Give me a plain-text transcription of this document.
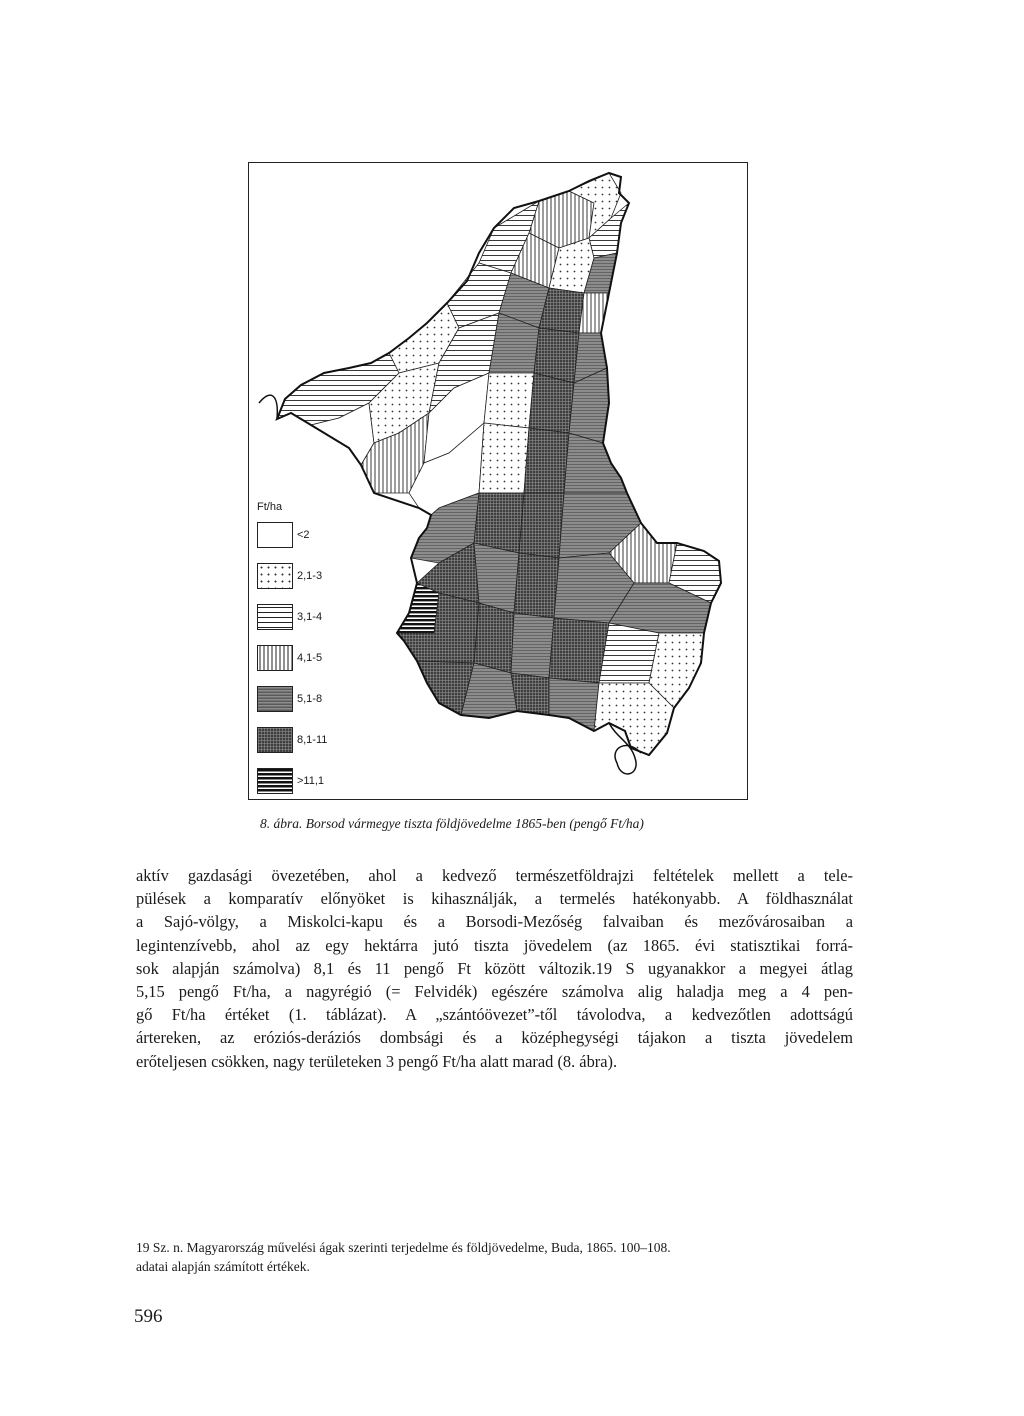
Ft/ha
<2
2,1-3
3,1-4
4,1-5
5,1-8
8,1-11
>11,1
8. ábra. Borsod vármegye tiszta földjövedelme 1865-ben (pengő Ft/ha)
aktív gazdasági övezetében, ahol a kedvező természetföldrajzi feltételek mellett a tele-
pülések a komparatív előnyöket is kihasználják, a termelés hatékonyabb. A földhasználat
a Sajó-völgy, a Miskolci-kapu és a Borsodi-Mezőség falvaiban és mezővárosaiban a
legintenzívebb, ahol az egy hektárra jutó tiszta jövedelem (az 1865. évi statisztikai forrá-
sok alapján számolva) 8,1 és 11 pengő Ft között változik.19 S ugyanakkor a megyei átlag
5,15 pengő Ft/ha, a nagyrégió (= Felvidék) egészére számolva alig haladja meg a 4 pen-
gő Ft/ha értéket (1. táblázat). A „szántóövezet”-től távolodva, a kedvezőtlen adottságú
ártereken, az eróziós-deráziós dombsági és a középhegységi tájakon a tiszta jövedelem
erőteljesen csökken, nagy területeken 3 pengő Ft/ha alatt marad (8. ábra).
19 Sz. n. Magyarország művelési ágak szerinti terjedelme és földjövedelme, Buda, 1865. 100–108.
adatai alapján számított értékek.
596
